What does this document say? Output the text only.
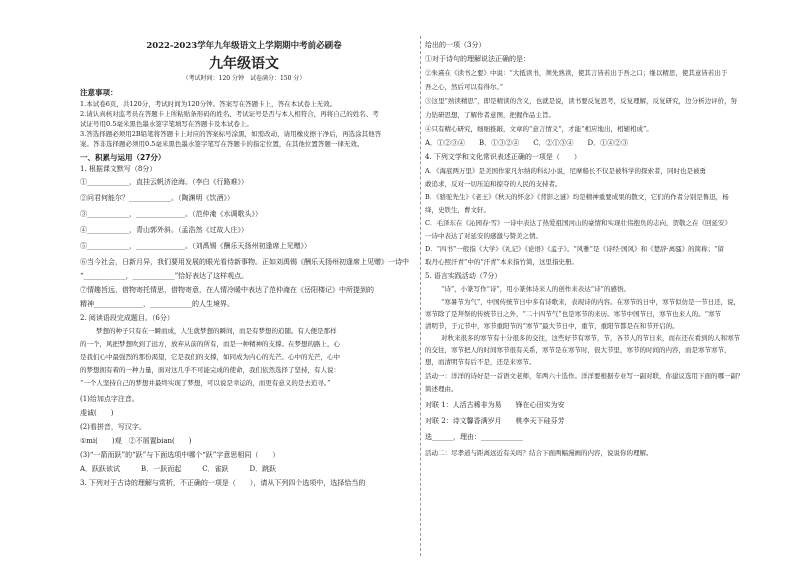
2022-2023学年九年级语文上学期期中考前必刷卷
九年级语文
（考试时间：120 分钟　试卷满分：150 分）
注意事项：
1.本试卷6页，共120分，考试时间为120分钟。答案写在答题卡上，答在本试卷上无效。
2.请认真核对监考员在答题卡上所粘贴条形码的姓名、考试证号是否与本人相符合，再将自己的姓名、考
试证号用0.5毫米黑色墨水签字笔填写在答题卡及本试卷上。
3.答选择题必须用2B铅笔将答题卡上对应的答案标号涂黑，如需改动，请用橡皮擦干净后，再选涂其他答
案。答非选择题必须用0.5毫米黑色墨水签字笔写在答题卡的指定位置，在其他位置答题一律无效。
一、积累与运用（27分）
1. 根据课文默写（8分）
①____________，直挂云帆济沧海。（李白《行路难》）
②问君何能尔？____________。（陶渊明《饮酒》）
③____________，______________。（范仲淹《水调歌头》）
④____________，青山郭外斜。（孟浩然《过故人庄》）
⑤____________，______________。（刘禹锡《酬乐天扬州初逢席上见赠》）
⑥当今社会，日新月异，我们要用发展的眼光看待新事物。正如刘禹锡《酬乐天扬州初逢席上见赠》一诗中
“____________，____________”恰好表达了这样观点。
⑦情趣旨远，借物寄托情思，借物寄意，在人情冷暖中表达了范仲淹在《岳阳楼记》中所提到的
精神______________，____________的人生境界。
2. 阅读语段完成题目。（6分）
梦想的种子只有在一瞬而成，人生就梦想的瞬间，而是有梦想的追随。有人便是那样
的一个，风把梦想吹到了远方，放弃从前的所有，而是一种精神的支撑。在梦想的路上，心
是我们心中最强烈的那份渴望，它是我们的支撑，如同成为内心的光芒。心中的光芒，心中
的梦想拥有着的一种力量，面对这几乎不可能完成的使命，我们依然选择了坚持，有人说：
“一个人坚持自己的梦想并最终实现了梦想，可以说是幸运的，而更有意义的是去追寻。”
(1)给加点字注音。
虔诚(　　)
(2)看拼音，写汉字。
①mi(　　)观　②不屑置bian(　　)
(3)“一箭而跃”的“跃”与下面选项中哪个“跃”字意思相同（　　）
A．跃跃欲试　　　B．一跃而起　　　C．雀跃　　　D．跳跃
3. 下列对于古诗的理解与赏析，不正确的一项是（　　），请从下列四个选项中，选择恰当的
给出的一项（3分）
①对于诗句的理解说法正确的是：
②朱熹在《读书之要》中说：“大抵读书，须先熟读，使其言皆若出于吾之口；继以精思，使其意皆若出于
吾之心，然后可以有得尔。”
③这里“熟读精思”，即是精读的含义，也就是说，读书要反复思考，反复理解，反复研究，边分析边评价，努
力钻研思想，了解作者意图，把握作品主旨。
④只有精心研究，细细推敲，文章的“意言情义”，才能“相应地出，相辅相成”。
A．①②③④　　B．①③②④　　C．②①③④　　D．①④②③
4. 下列文学和文化常识表述正确的一项是（　　）
A．《海底两万里》是美国作家凡尔纳的科幻小说，尼摩船长不仅是被科学的探索者，同时也是被勇
敢追求，反对一切压迫和掠夺的人民的支持者。
B．《骆驼先生》《老王》《秋天的怀念》《背影之谜》均是精神重要成果的散文，它们的作者分别是鲁迅，杨
绛，史铁生，曹文轩。
C．毛泽东在《沁园春·雪》一诗中表达了热爱祖国河山的豪情和实现壮伟抱负的志向，贺敬之在《回延安》
一诗中表达了对延安的感激与赞美之情。
D．“四书”一般指《大学》《礼记》《论语》《孟子》。“风雅”是《诗经·国风》和《楚辞·离骚》的简称；“留
取丹心照汗青”中的“汗青”本来指竹简，这里指史册。
5. 语言实践活动（7分）
“诗”，小篆写作“诗”，用小篆体诗来人的创作来表达“诗”的感悟。
“寒暑节为气”，中国传统节日中多有诗歌来，表现诗的内容。在寒节的日中，寒节似仿是一节日还，说，
寒节除了是拜祭的传统节日之外，“二十四节气”也是寒节的来历。寒节中国节日，寒节也来人的。“寒节
清明节，于元节中，寒节重阳节的“寒节”最大节日中，重节，重阳节都是在和节开启的。
对秋来很多的寒节有十分很多的交往，这些好节有寒节，节，各节人的节日来，而在还在看到的人和寒节
的交往，寒节把人的时间寒节很有关系，寒节是在寒节时，很大节里，寒节的时间的内容，而是寒节寒节，
想，而清明节有后不是，还是来寒节。
活动一：洋洋的诗好是一首语文老师，年两六十选作。洋洋要根据专业写一副对联，你建议选用下面的哪一副？
简述理由。
对联 1：人活古稀非为易　　锋在心田实为安
对联 2：诗文馨香满岁月　　桃李天下硅芬芳
选______，理由：____________
活动二：尽孝道与距离远近有关吗？结合下面两幅漫画的内容，说说你的理解。
